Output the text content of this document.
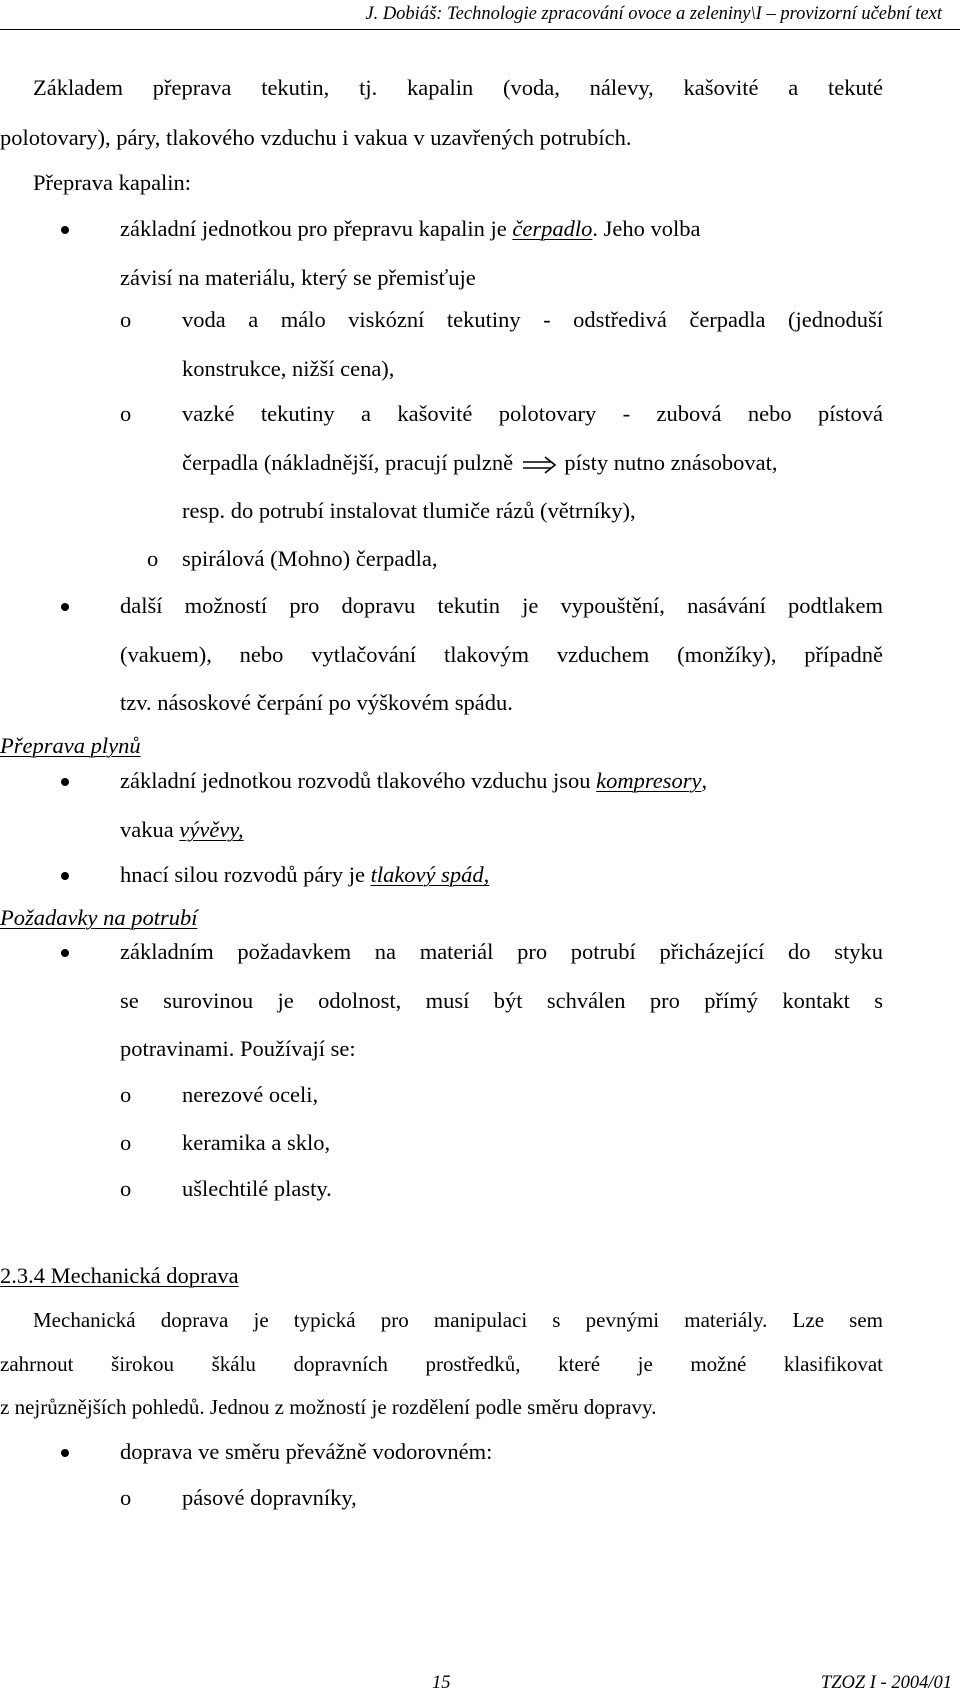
J. Dobiáš: Technologie zpracování ovoce a zeleniny\I – provizorní učební text
Základem přeprava tekutin, tj. kapalin (voda, nálevy, kašovité a tekuté
polotovary), páry, tlakového vzduchu i vakua v uzavřených potrubích.
Přeprava kapalin:
základní jednotkou pro přepravu kapalin je čerpadlo. Jeho volba
závisí na materiálu, který se přemisťuje
o voda a málo viskózní tekutiny - odstředivá čerpadla (jednoduší
konstrukce, nižší cena),
o vazké tekutiny a kašovité polotovary - zubová nebo pístová
čerpadla (nákladnější, pracují pulzně písty nutno znásobovat,
resp. do potrubí instalovat tlumiče rázů (větrníky),
o spirálová (Mohno) čerpadla,
další možností pro dopravu tekutin je vypouštění, nasávání podtlakem
(vakuem), nebo vytlačování tlakovým vzduchem (monžíky), případně
tzv. násoskové čerpání po výškovém spádu.
Přeprava plynů
základní jednotkou rozvodů tlakového vzduchu jsou kompresory,
vakua vývěvy,
hnací silou rozvodů páry je tlakový spád,
Požadavky na potrubí
základním požadavkem na materiál pro potrubí přicházející do styku
se surovinou je odolnost, musí být schválen pro přímý kontakt s
potravinami. Používají se:
o nerezové oceli,
o keramika a sklo,
o ušlechtilé plasty.
2.3.4 Mechanická doprava
Mechanická doprava je typická pro manipulaci s pevnými materiály. Lze sem
zahrnout širokou škálu dopravních prostředků, které je možné klasifikovat
z nejrůznějších pohledů. Jednou z možností je rozdělení podle směru dopravy.
doprava ve směru převážně vodorovném:
o pásové dopravníky,
15	TZOZ I - 2004/01
